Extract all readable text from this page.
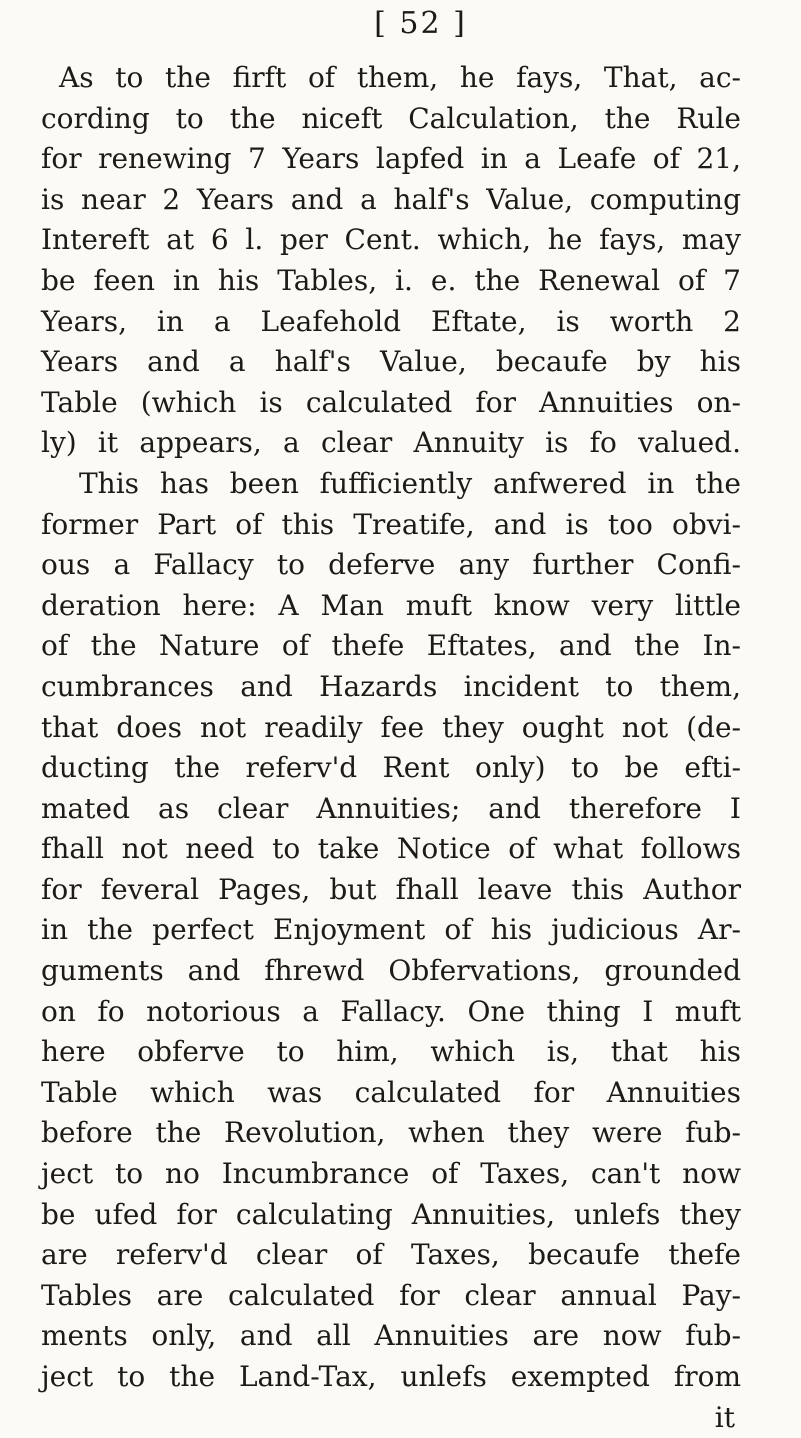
[ 52 ]
As to the firft of them, he fays, That, ac-
cording to the niceft Calculation, the Rule
for renewing 7 Years lapfed in a Leafe of 21,
is near 2 Years and a half's Value, computing
Intereft at 6 l. per Cent. which, he fays, may
be feen in his Tables, i. e. the Renewal of 7
Years, in a Leafehold Eftate, is worth 2
Years and a half's Value, becaufe by his
Table (which is calculated for Annuities on-
ly) it appears, a clear Annuity is fo valued.
This has been fufficiently anfwered in the
former Part of this Treatife, and is too obvi-
ous a Fallacy to deferve any further Confi-
deration here: A Man muft know very little
of the Nature of thefe Eftates, and the In-
cumbrances and Hazards incident to them,
that does not readily fee they ought not (de-
ducting the referv'd Rent only) to be efti-
mated as clear Annuities; and therefore I
fhall not need to take Notice of what follows
for feveral Pages, but fhall leave this Author
in the perfect Enjoyment of his judicious Ar-
guments and fhrewd Obfervations, grounded
on fo notorious a Fallacy. One thing I muft
here obferve to him, which is, that his
Table which was calculated for Annuities
before the Revolution, when they were fub-
ject to no Incumbrance of Taxes, can't now
be ufed for calculating Annuities, unlefs they
are referv'd clear of Taxes, becaufe thefe
Tables are calculated for clear annual Pay-
ments only, and all Annuities are now fub-
ject to the Land-Tax, unlefs exempted from
it
